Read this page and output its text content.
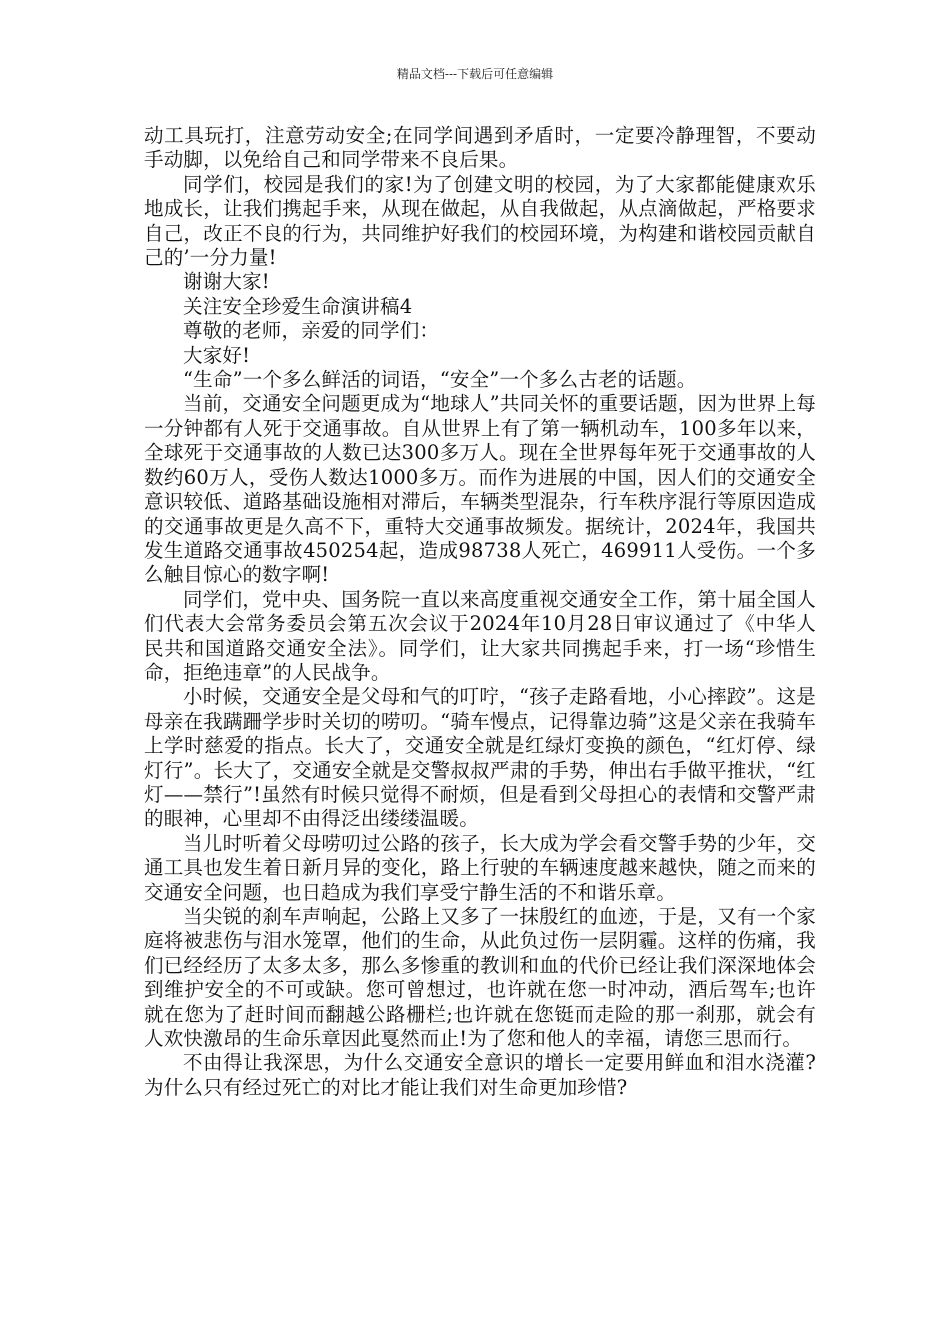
精品文档---下载后可任意编辑

动工具玩打，注意劳动安全;在同学间遇到矛盾时，一定要冷静理智，不要动手动脚，以免给自己和同学带来不良后果。

同学们，校园是我们的家!为了创建文明的校园，为了大家都能健康欢乐地成长，让我们携起手来，从现在做起，从自我做起，从点滴做起，严格要求自己，改正不良的行为，共同维护好我们的校园环境，为构建和谐校园贡献自己的’一分力量!

谢谢大家!

关注安全珍爱生命演讲稿4

尊敬的老师，亲爱的同学们：

大家好!

“生命”一个多么鲜活的词语，“安全”一个多么古老的话题。

当前，交通安全问题更成为“地球人”共同关怀的重要话题，因为世界上每一分钟都有人死于交通事故。自从世界上有了第一辆机动车，100多年以来，全球死于交通事故的人数已达300多万人。现在全世界每年死于交通事故的人数约60万人，受伤人数达1000多万。而作为进展的中国，因人们的交通安全意识较低、道路基础设施相对滞后，车辆类型混杂，行车秩序混行等原因造成的交通事故更是久高不下，重特大交通事故频发。据统计，2024年，我国共发生道路交通事故450254起，造成98738人死亡，469911人受伤。一个多么触目惊心的数字啊!

同学们，党中央、国务院一直以来高度重视交通安全工作，第十届全国人们代表大会常务委员会第五次会议于2024年10月28日审议通过了《中华人民共和国道路交通安全法》。同学们，让大家共同携起手来，打一场“珍惜生命，拒绝违章”的人民战争。

小时候，交通安全是父母和气的叮咛，“孩子走路看地，小心摔跤”。这是母亲在我蹒跚学步时关切的唠叨。“骑车慢点，记得靠边骑”这是父亲在我骑车上学时慈爱的指点。长大了，交通安全就是红绿灯变换的颜色，“红灯停、绿灯行”。长大了，交通安全就是交警叔叔严肃的手势，伸出右手做平推状，“红灯——禁行”!虽然有时候只觉得不耐烦，但是看到父母担心的表情和交警严肃的眼神，心里却不由得泛出缕缕温暖。

当儿时听着父母唠叨过公路的孩子，长大成为学会看交警手势的少年，交通工具也发生着日新月异的变化，路上行驶的车辆速度越来越快，随之而来的交通安全问题，也日趋成为我们享受宁静生活的不和谐乐章。

当尖锐的刹车声响起，公路上又多了一抹殷红的血迹，于是，又有一个家庭将被悲伤与泪水笼罩，他们的生命，从此负过伤一层阴霾。这样的伤痛，我们已经经历了太多太多，那么多惨重的教训和血的代价已经让我们深深地体会到维护安全的不可或缺。您可曾想过，也许就在您一时冲动，酒后驾车;也许就在您为了赶时间而翻越公路栅栏;也许就在您铤而走险的那一刹那，就会有人欢快激昂的生命乐章因此戛然而止!为了您和他人的幸福，请您三思而行。

不由得让我深思，为什么交通安全意识的增长一定要用鲜血和泪水浇灌?为什么只有经过死亡的对比才能让我们对生命更加珍惜?
